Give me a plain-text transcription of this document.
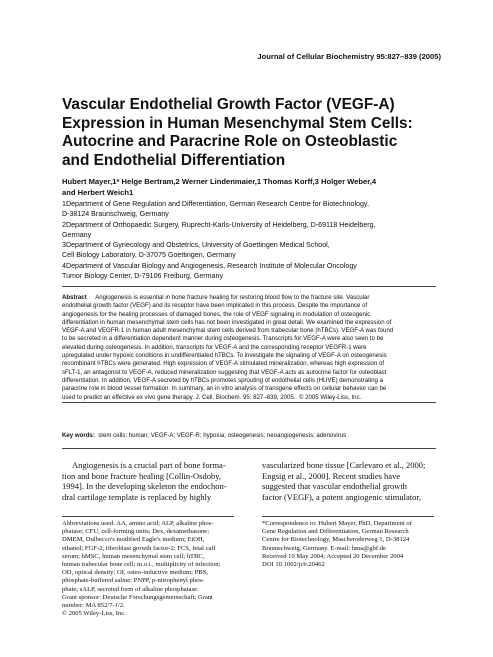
Journal of Cellular Biochemistry 95:827–839 (2005)
Vascular Endothelial Growth Factor (VEGF-A)
Expression in Human Mesenchymal Stem Cells:
Autocrine and Paracrine Role on Osteoblastic
and Endothelial Differentiation

Hubert Mayer,1* Helge Bertram,2 Werner Lindenmaier,1 Thomas Korff,3 Holger Weber,4
and Herbert Weich1

1Department of Gene Regulation and Differentiation, German Research Centre for Biotechnology,
D-38124 Braunschweig, Germany
2Department of Orthopaedic Surgery, Ruprecht-Karls-University of Heidelberg, D-69118 Heidelberg,
Germany
3Department of Gynecology and Obstetrics, University of Goettingen Medical School,
Cell Biology Laboratory, D-37075 Goettingen, Germany
4Department of Vascular Biology and Angiogenesis, Research Institute of Molecular Oncology
Tumor Biology Center, D-79106 Freiburg, Germany

Abstract Angiogenesis is essential in bone fracture healing for restoring blood flow to the fracture site. Vascular
endothelial growth factor (VEGF) and its receptor have been implicated in this process. Despite the importance of
angiogenesis for the healing processes of damaged bones, the role of VEGF signaling in modulation of osteogenic
differentiation in human mesenchymal stem cells has not been investigated in great detail. We examined the expression of
VEGF-A and VEGFR-1 in human adult mesenchymal stem cells derived from trabecular bone (hTBCs). VEGF-A was found
to be secreted in a differentiation dependent manner during osteogenesis. Transcripts for VEGF-A were also seen to be
elevated during osteogenesis. In addition, transcripts for VEGF-A and the corresponding receptor VEGFR-1 were
upregulated under hypoxic conditions in undifferentiated hTBCs. To investigate the signaling of VEGF-A on osteogenesis
recombinant hTBCs were generated. High expression of VEGF-A stimulated mineralization, whereas high expression of
sFLT-1, an antagonist to VEGF-A, reduced mineralization suggesting that VEGF-A acts as autocrine factor for osteoblast
differentiation. In addition, VEGF-A secreted by hTBCs promotes sprouting of endothelial cells (HUVE) demonstrating a
paracrine role in blood vessel formation. In summary, an in vitro analysis of transgene effects on cellular behavior can be
used to predict an effective ex vivo gene therapy. J. Cell. Biochem. 95: 827–839, 2005. © 2005 Wiley-Liss, Inc.

Key words: stem cells; human; VEGF-A; VEGF-R; hypoxia; osteogenesis; neoangiogenesis; adenovirus

Angiogenesis is a crucial part of bone forma-
tion and bone fracture healing [Collin-Osdoby,
1994]. In the developing skeleton the endochon-
dral cartilage template is replaced by highly

vascularized bone tissue [Carlevaro et al., 2000;
Engsig et al., 2000]. Recent studies have
suggested that vascular endothelial growth
factor (VEGF), a potent angiogenic stimulator,

Abbreviations used: AA, amino acid; ALP, alkaline phos-
phatase; CFU, cell-forming units; Dex, dexamethasone;
DMEM, Dulbecco's modified Eagle's medium; EtOH,
ethanol; FGF-2, fibroblast growth factor-2; FCS, fetal calf
serum; hMSC, human mesenchymal stem cell; hTBC,
human trabecular bone cell; m.o.i., multiplicity of infection;
OD, optical density; OI, osteo-inductive medium; PBS,
phosphate-buffered saline; PNPP, p-nitrophenyl phos-
phate; sALP, secreted form of alkaline phosphatase.
Grant sponsor: Deutsche Forschungsgemeinschaft; Grant
number: MA 852/7-1/2.
© 2005 Wiley-Liss, Inc.

*Correspondence to: Hubert Mayer, PhD, Department of
Gene Regulation and Differentiation, German Research
Centre for Biotechnology, Mascheroderweg 1, D-38124
Braunschweig, Germany. E-mail: hma@gbf.de
Received 10 May 2004; Accepted 20 December 2004
DOI 10.1002/jcb.20462
